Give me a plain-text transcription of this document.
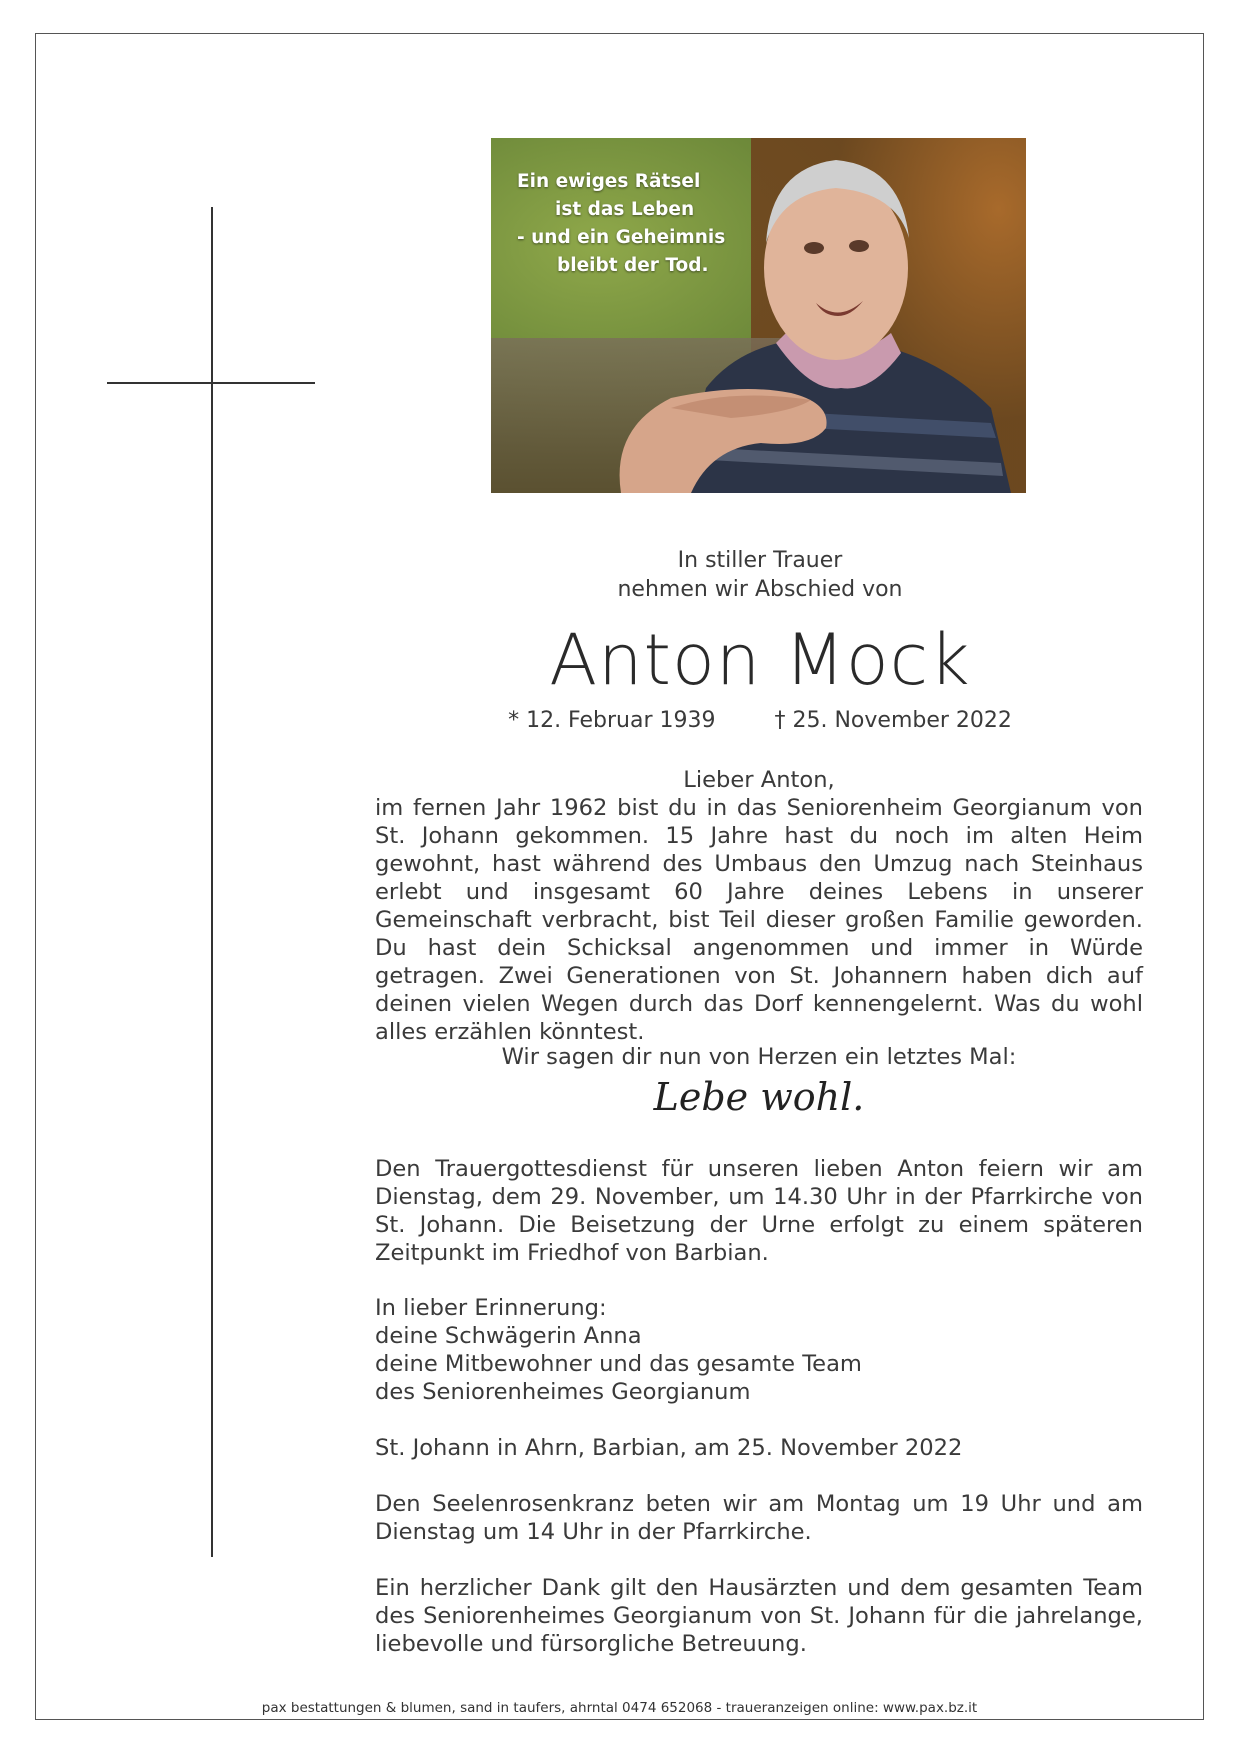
Ein ewiges Rätsel
ist das Leben
- und ein Geheimnis
bleibt der Tod.
In stiller Trauer
nehmen wir Abschied von
Anton Mock
* 12. Februar 1939	† 25. November 2022

Lieber Anton,

im fernen Jahr 1962 bist du in das Seniorenheim Georgianum von St. Johann gekommen. 15 Jahre hast du noch im alten Heim gewohnt, hast während des Umbaus den Umzug nach Steinhaus erlebt und insgesamt 60 Jahre deines Lebens in unserer Gemeinschaft verbracht, bist Teil dieser großen Familie geworden. Du hast dein Schicksal angenommen und immer in Würde getragen. Zwei Generationen von St. Johannern haben dich auf deinen vielen Wegen durch das Dorf kennengelernt. Was du wohl alles erzählen könntest.

Wir sagen dir nun von Herzen ein letztes Mal:
Lebe wohl.
Den Trauergottesdienst für unseren lieben Anton feiern wir am Dienstag, dem 29. November, um 14.30 Uhr in der Pfarrkirche von St. Johann. Die Beisetzung der Urne erfolgt zu einem späteren Zeitpunkt im Friedhof von Barbian.
In lieber Erinnerung:
deine Schwägerin Anna
deine Mitbewohner und das gesamte Team
des Seniorenheimes Georgianum
St. Johann in Ahrn, Barbian, am 25. November 2022
Den Seelenrosenkranz beten wir am Montag um 19 Uhr und am Dienstag um 14 Uhr in der Pfarrkirche.
Ein herzlicher Dank gilt den Hausärzten und dem gesamten Team des Seniorenheimes Georgianum von St. Johann für die jahrelange, liebevolle und fürsorgliche Betreuung.
pax bestattungen & blumen, sand in taufers, ahrntal 0474 652068 - traueranzeigen online: www.pax.bz.it
